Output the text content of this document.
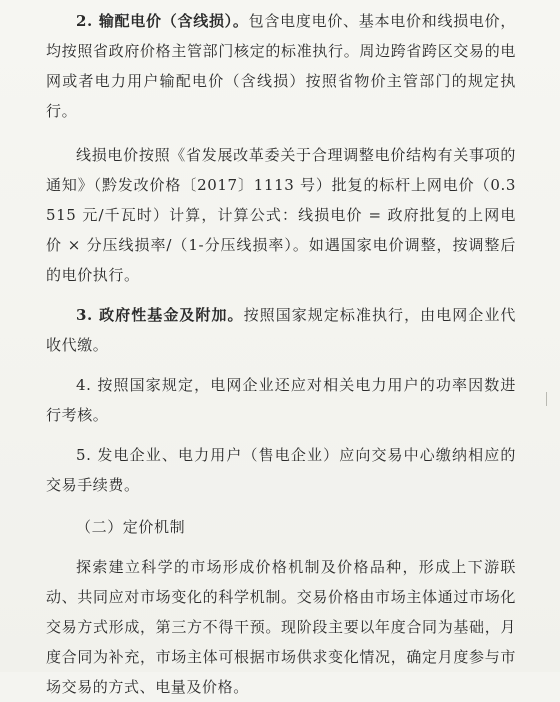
2. 输配电价（含线损）。包含电度电价、基本电价和线损电价，均按照省政府价格主管部门核定的标准执行。周边跨省跨区交易的电网或者电力用户输配电价（含线损）按照省物价主管部门的规定执行。

线损电价按照《省发展改革委关于合理调整电价结构有关事项的通知》（黔发改价格〔2017〕1113 号）批复的标杆上网电价（0.3515 元/千瓦时）计算，计算公式：线损电价 = 政府批复的上网电价 × 分压线损率/（1-分压线损率）。如遇国家电价调整，按调整后的电价执行。

3. 政府性基金及附加。按照国家规定标准执行，由电网企业代收代缴。

4. 按照国家规定，电网企业还应对相关电力用户的功率因数进行考核。

5. 发电企业、电力用户（售电企业）应向交易中心缴纳相应的交易手续费。

（二）定价机制

探索建立科学的市场形成价格机制及价格品种，形成上下游联动、共同应对市场变化的科学机制。交易价格由市场主体通过市场化交易方式形成，第三方不得干预。现阶段主要以年度合同为基础，月度合同为补充，市场主体可根据市场供求变化情况，确定月度参与市场交易的方式、电量及价格。
